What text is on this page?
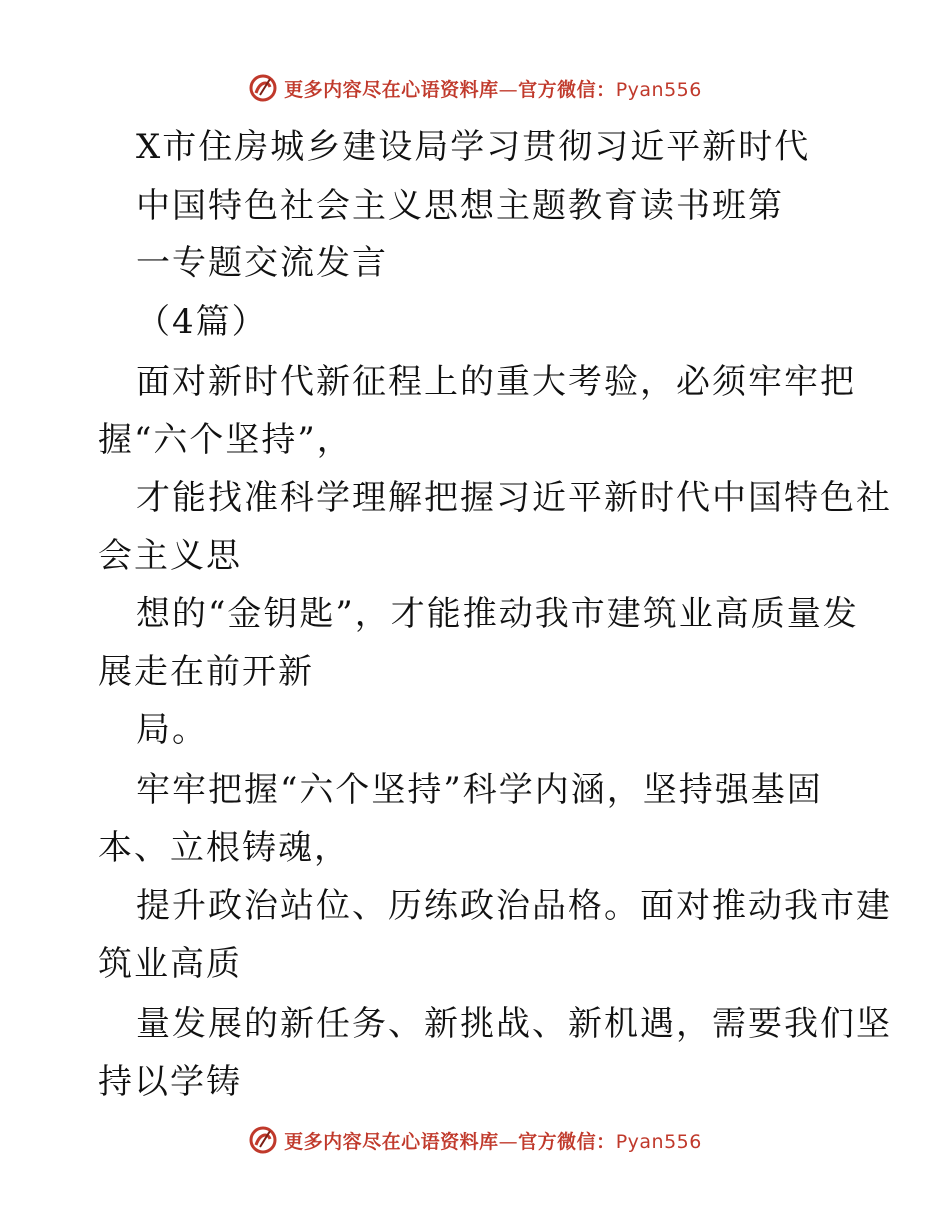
更多内容尽在心语资料库—官方微信：Pyan556
X市住房城乡建设局学习贯彻习近平新时代
中国特色社会主义思想主题教育读书班第
一专题交流发言
（4篇）
面对新时代新征程上的重大考验，必须牢牢把
握“六个坚持”，
才能找准科学理解把握习近平新时代中国特色社
会主义思
想的“金钥匙”，才能推动我市建筑业高质量发
展走在前开新
局。
牢牢把握“六个坚持”科学内涵，坚持强基固
本、立根铸魂，
提升政治站位、历练政治品格。面对推动我市建
筑业高质
量发展的新任务、新挑战、新机遇，需要我们坚
持以学铸
更多内容尽在心语资料库—官方微信：Pyan556
